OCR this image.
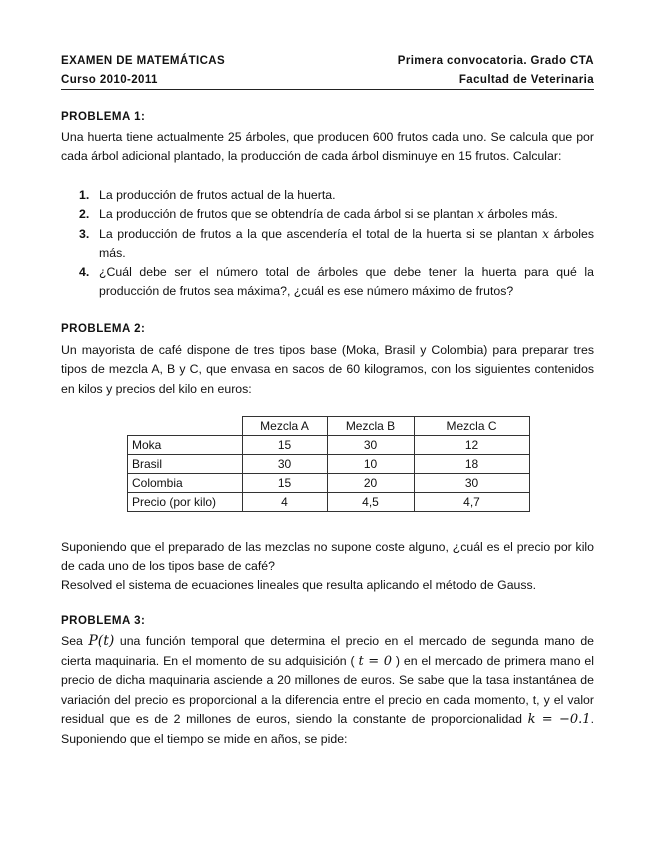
EXAMEN DE MATEMÁTICAS	Primera convocatoria. Grado CTA
Curso 2010-2011	Facultad de Veterinaria
PROBLEMA 1:
Una huerta tiene actualmente 25 árboles, que producen 600 frutos cada uno. Se calcula que por cada árbol adicional plantado, la producción de cada árbol disminuye en 15 frutos. Calcular:
1. La producción de frutos actual de la huerta.
2. La producción de frutos que se obtendría de cada árbol si se plantan x árboles más.
3. La producción de frutos a la que ascendería el total de la huerta si se plantan x árboles más.
4. ¿Cuál debe ser el número total de árboles que debe tener la huerta para qué la producción de frutos sea máxima?, ¿cuál es ese número máximo de frutos?
PROBLEMA 2:
Un mayorista de café dispone de tres tipos base (Moka, Brasil y Colombia) para preparar tres tipos de mezcla A, B y C, que envasa en sacos de 60 kilogramos, con los siguientes contenidos en kilos y precios del kilo en euros:
	Mezcla A	Mezcla B	Mezcla C
Moka	15	30	12
Brasil	30	10	18
Colombia	15	20	30
Precio (por kilo)	4	4,5	4,7
Suponiendo que el preparado de las mezclas no supone coste alguno, ¿cuál es el precio por kilo de cada uno de los tipos base de café?
Resolved el sistema de ecuaciones lineales que resulta aplicando el método de Gauss.
PROBLEMA 3:
Sea P(t) una función temporal que determina el precio en el mercado de segunda mano de cierta maquinaria. En el momento de su adquisición ( t = 0 ) en el mercado de primera mano el precio de dicha maquinaria asciende a 20 millones de euros. Se sabe que la tasa instantánea de variación del precio es proporcional a la diferencia entre el precio en cada momento, t, y el valor residual que es de 2 millones de euros, siendo la constante de proporcionalidad k = −0.1. Suponiendo que el tiempo se mide en años, se pide:
